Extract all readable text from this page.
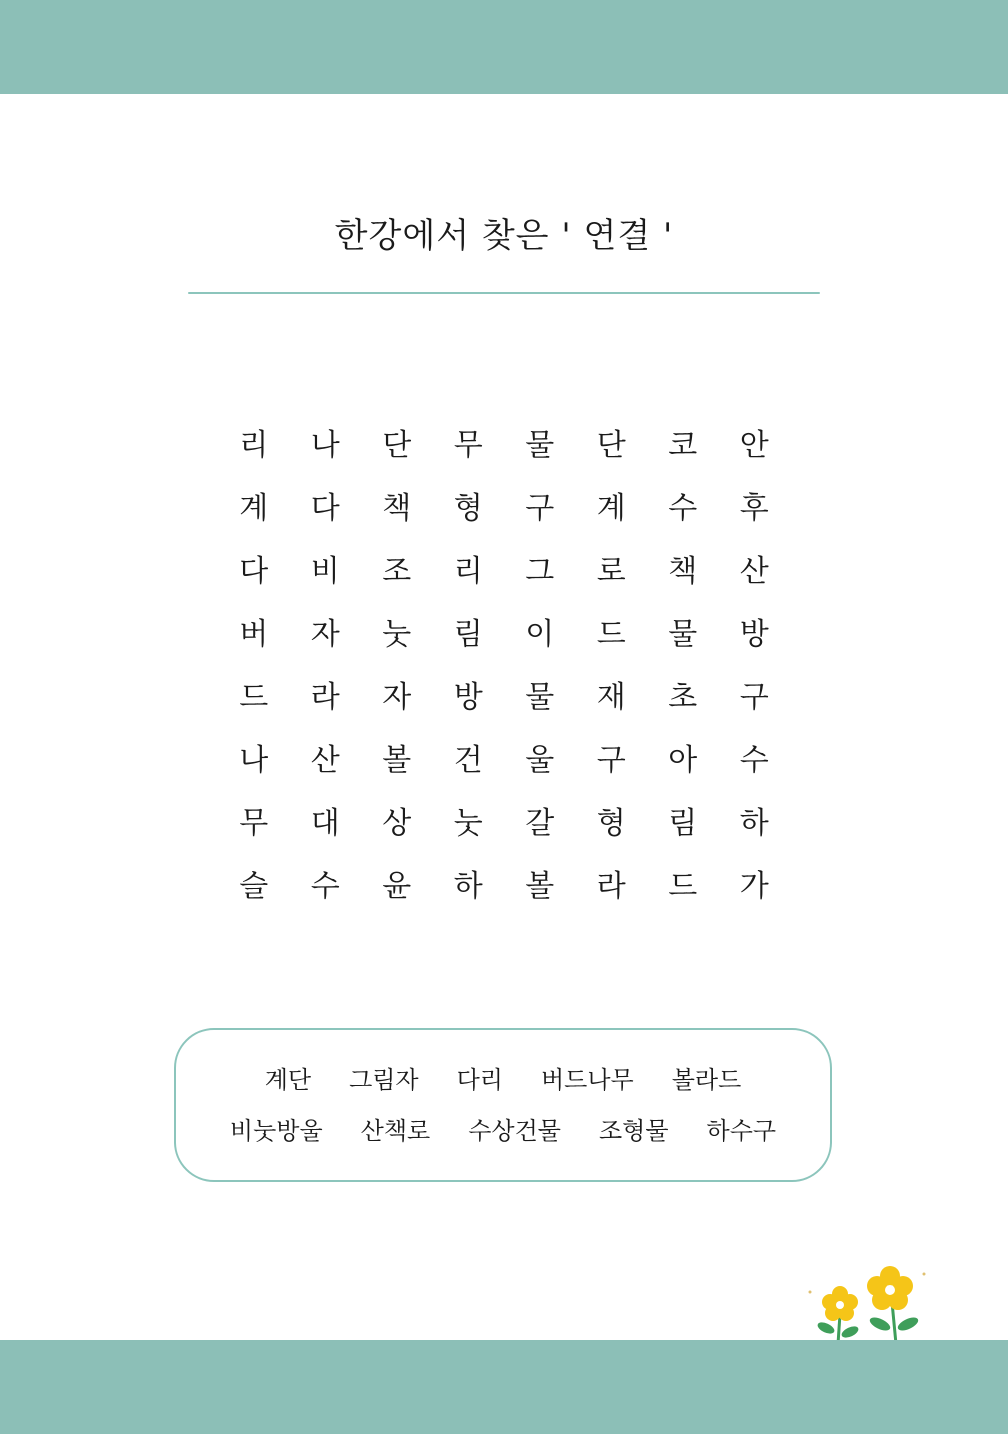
한강에서 찾은 ' 연결 '
리	나	단	무	물	단	코	안
계	다	책	형	구	계	수	후
다	비	조	리	그	로	책	산
버	자	눗	림	이	드	물	방
드	라	자	방	물	재	초	구
나	산	볼	건	울	구	아	수
무	대	상	눗	갈	형	림	하
슬	수	윤	하	볼	라	드	가
계단 그림자 다리 버드나무 볼라드
비눗방울 산책로 수상건물 조형물 하수구
